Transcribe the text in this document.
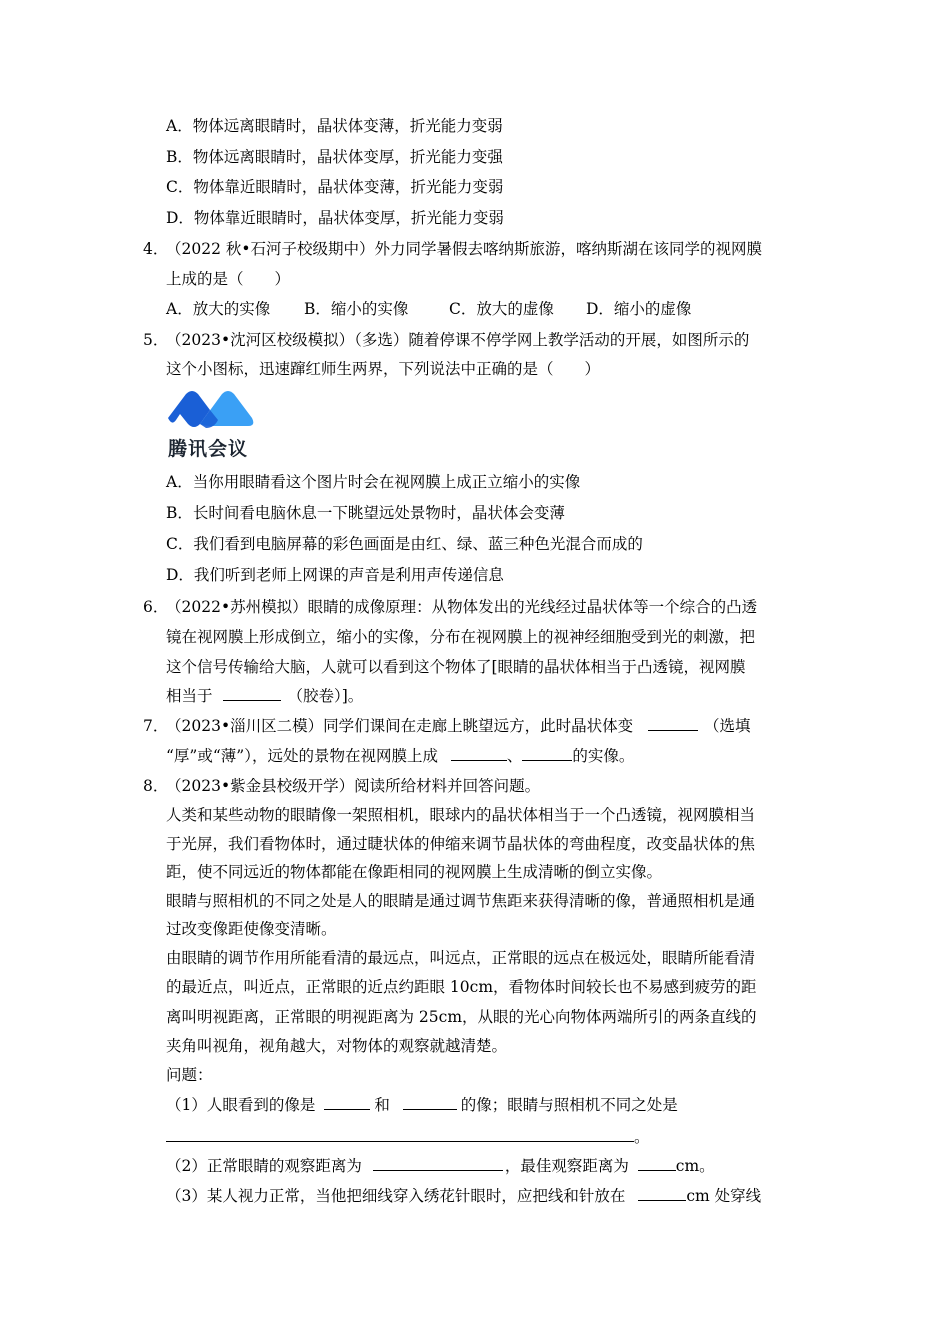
A．物体远离眼睛时，晶状体变薄，折光能力变弱
B．物体远离眼睛时，晶状体变厚，折光能力变强
C．物体靠近眼睛时，晶状体变薄，折光能力变弱
D．物体靠近眼睛时，晶状体变厚，折光能力变弱
4．
（2022 秋•石河子校级期中）外力同学暑假去喀纳斯旅游，喀纳斯湖在该同学的视网膜
上成的是（　　）
A．放大的实像 B．缩小的实像	C．放大的虚像 D．缩小的虚像
5．
（2023•沈河区校级模拟）（多选）随着停课不停学网上教学活动的开展，如图所示的
这个小图标，迅速蹿红师生两界，下列说法中正确的是（　　）
腾讯会议
A．当你用眼睛看这个图片时会在视网膜上成正立缩小的实像
B．长时间看电脑休息一下眺望远处景物时，晶状体会变薄
C．我们看到电脑屏幕的彩色画面是由红、绿、蓝三种色光混合而成的
D．我们听到老师上网课的声音是利用声传递信息
6．
（2022•苏州模拟）眼睛的成像原理：从物体发出的光线经过晶状体等一个综合的凸透
镜在视网膜上形成倒立，缩小的实像，分布在视网膜上的视神经细胞受到光的刺激，把
这个信号传输给大脑，人就可以看到这个物体了[眼睛的晶状体相当于凸透镜，视网膜
相当于	（胶卷）]。
7．
（2023•淄川区二模）同学们课间在走廊上眺望远方，此时晶状体变	（选填
“厚”或“薄”），远处的景物在视网膜上成	、	的实像。
8．
（2023•紫金县校级开学）阅读所给材料并回答问题。
人类和某些动物的眼睛像一架照相机，眼球内的晶状体相当于一个凸透镜，视网膜相当
于光屏，我们看物体时，通过睫状体的伸缩来调节晶状体的弯曲程度，改变晶状体的焦
距，使不同远近的物体都能在像距相同的视网膜上生成清晰的倒立实像。
眼睛与照相机的不同之处是人的眼睛是通过调节焦距来获得清晰的像，普通照相机是通
过改变像距使像变清晰。
由眼睛的调节作用所能看清的最远点，叫远点，正常眼的远点在极远处，眼睛所能看清
的最近点，叫近点，正常眼的近点约距眼 10cm，看物体时间较长也不易感到疲劳的距
离叫明视距离，正常眼的明视距离为 25cm，从眼的光心向物体两端所引的两条直线的
夹角叫视角，视角越大，对物体的观察就越清楚。
问题：
（1）人眼看到的像是	和	的像；眼睛与照相机不同之处是
。
（2）正常眼睛的观察距离为	，最佳观察距离为	cm。
（3）某人视力正常，当他把细线穿入绣花针眼时，应把线和针放在	cm 处穿线
